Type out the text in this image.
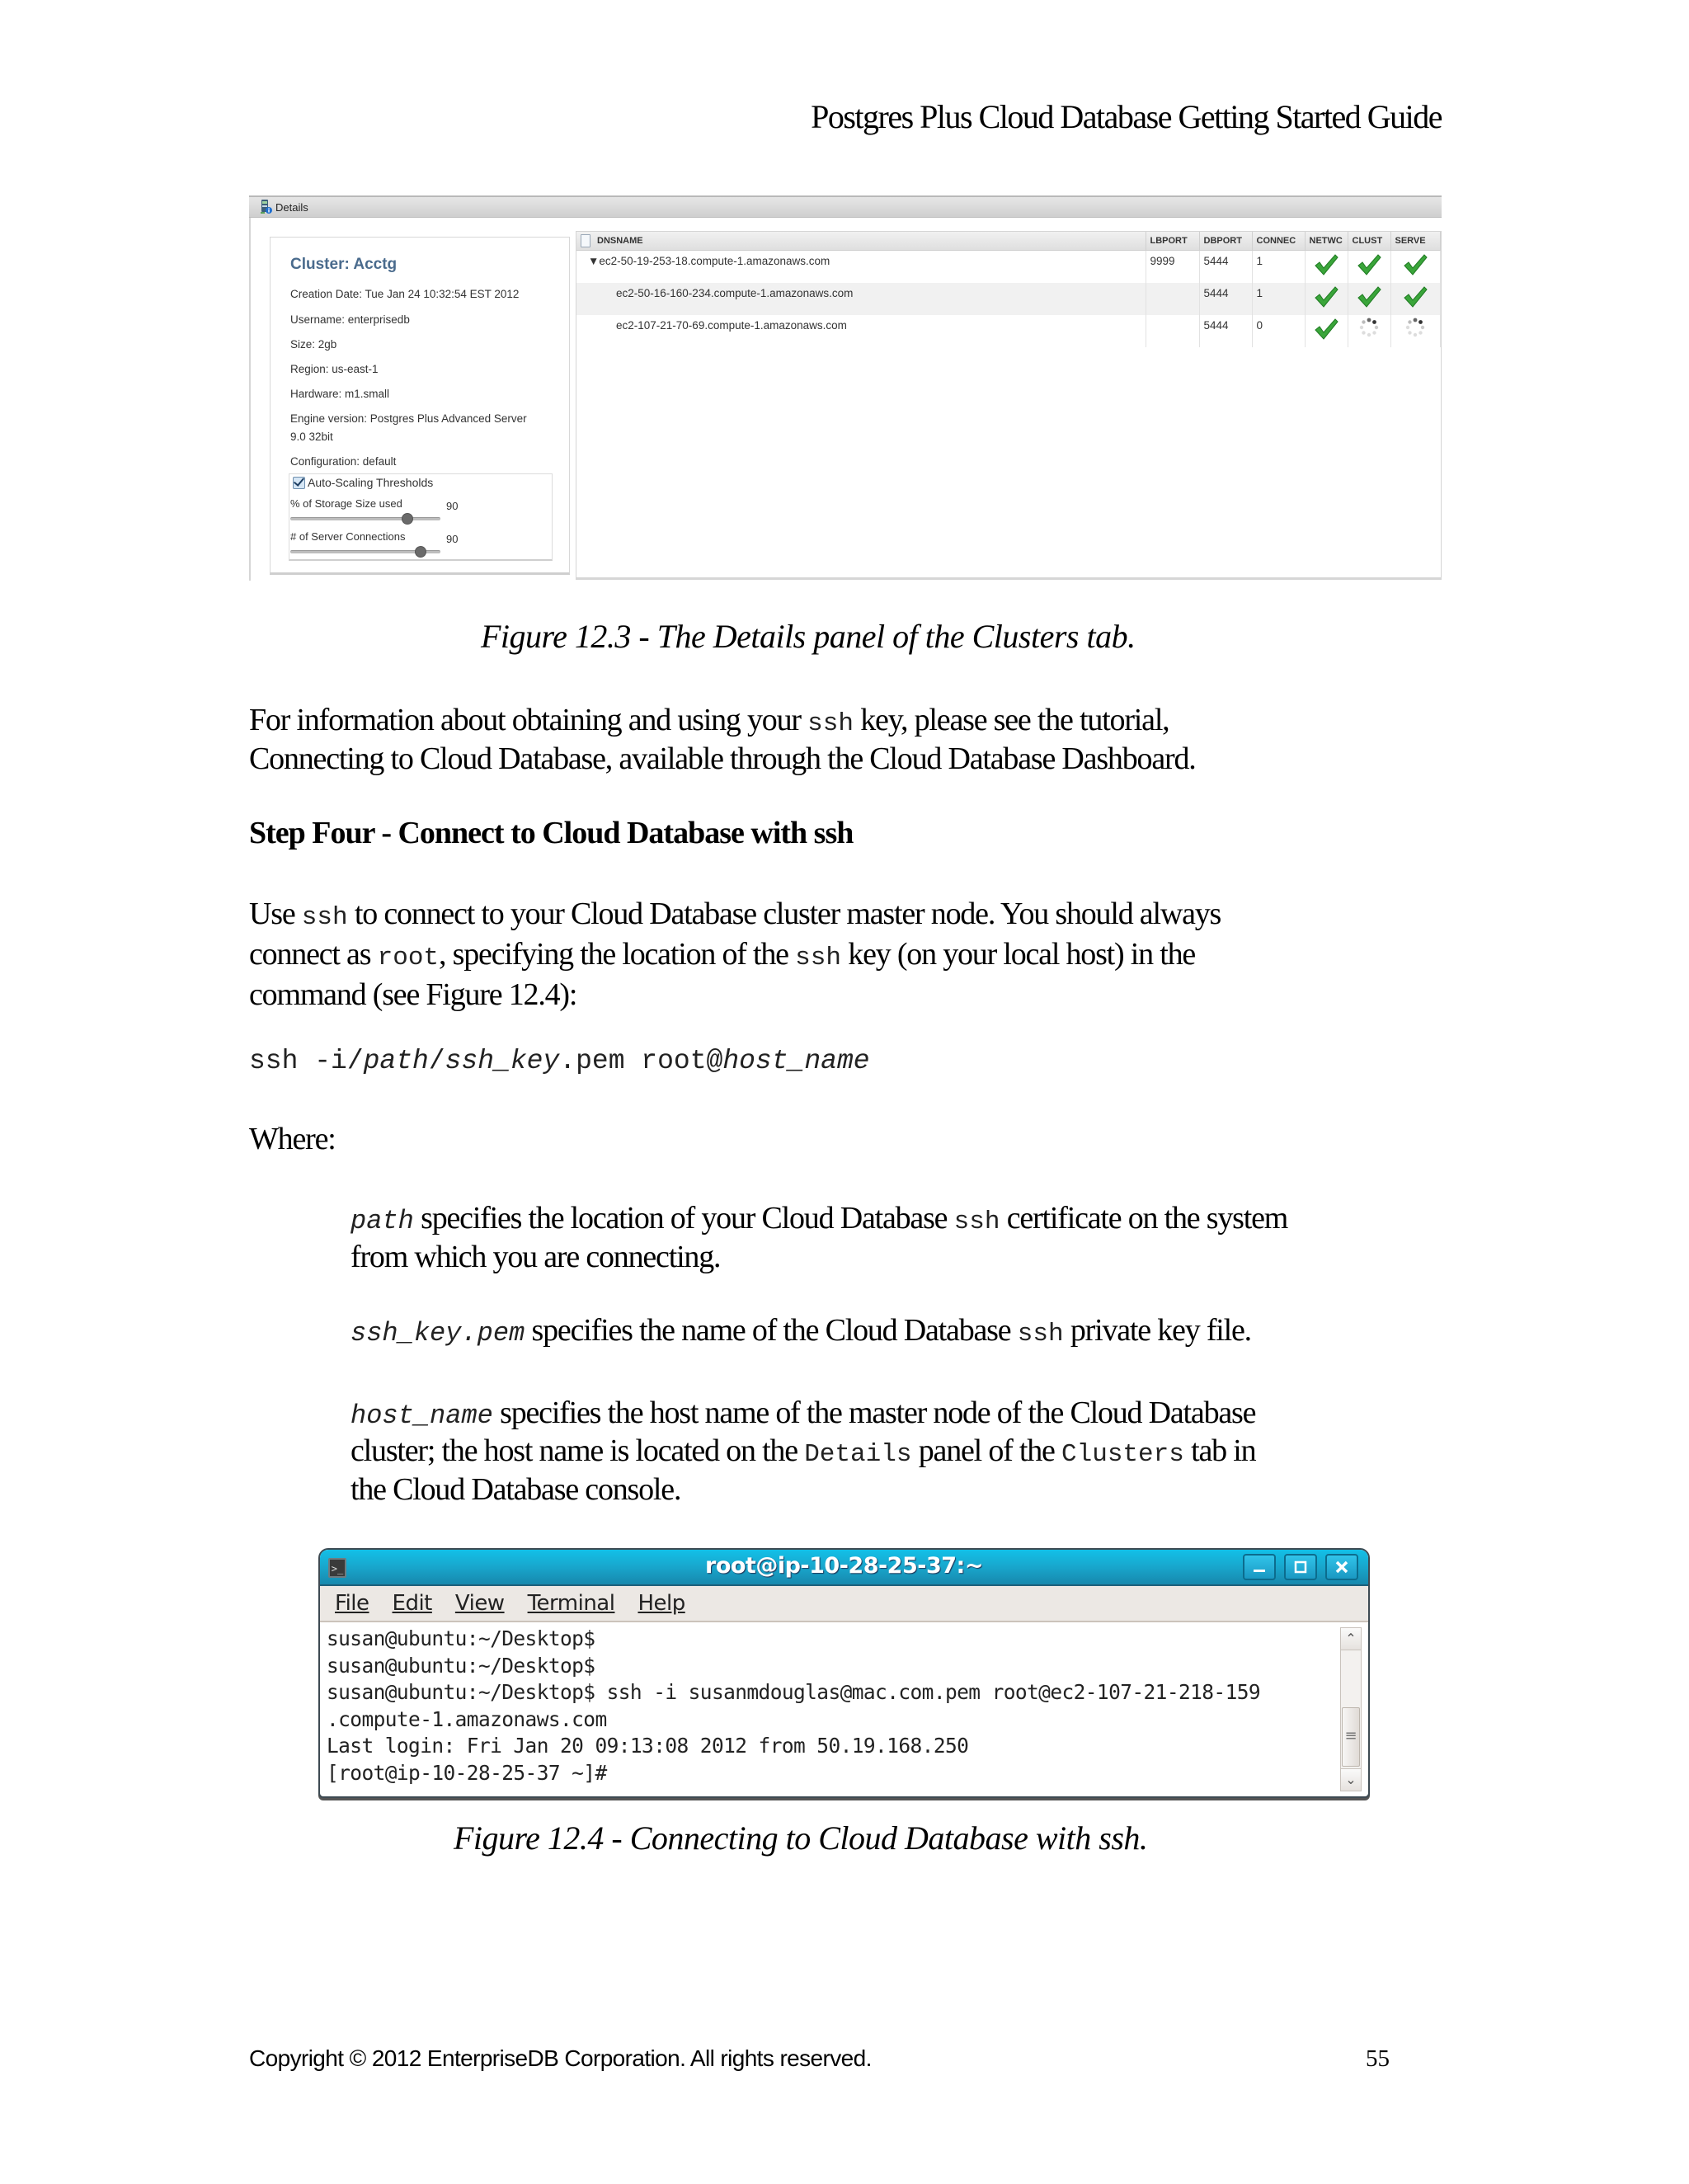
Postgres Plus Cloud Database Getting Started Guide
Details
Cluster: Acctg
Creation Date: Tue Jan 24 10:32:54 EST 2012
Username: enterprisedb
Size: 2gb
Region: us-east-1
Hardware: m1.small
Engine version: Postgres Plus Advanced Server
9.0 32bit
Configuration: default
Auto-Scaling Thresholds
% of Storage Size used	90
# of Server Connections	90
DNSNAME	LBPORT	DBPORT	CONNEC	NETWC	CLUST	SERVE
▼ec2-50-19-253-18.compute-1.amazonaws.com	9999	5444	1			
ec2-50-16-160-234.compute-1.amazonaws.com		5444	1			
ec2-107-21-70-69.compute-1.amazonaws.com		5444	0			
Figure 12.3 - The Details panel of the Clusters tab.
For information about obtaining and using your ssh key, please see the tutorial,
Connecting to Cloud Database, available through the Cloud Database Dashboard.
Step Four - Connect to Cloud Database with ssh
Use ssh to connect to your Cloud Database cluster master node. You should always
connect as root, specifying the location of the ssh key (on your local host) in the
command (see Figure 12.4):
ssh -i/path/ssh_key.pem root@host_name
Where:
path specifies the location of your Cloud Database ssh certificate on the system
from which you are connecting.
ssh_key.pem specifies the name of the Cloud Database ssh private key file.
host_name specifies the host name of the master node of the Cloud Database
cluster; the host name is located on the Details panel of the Clusters tab in
the Cloud Database console.
>_	root@ip-10-28-25-37:~
File Edit View Terminal Help
susan@ubuntu:~/Desktop$
susan@ubuntu:~/Desktop$
susan@ubuntu:~/Desktop$ ssh -i susanmdouglas@mac.com.pem root@ec2-107-21-218-159
.compute-1.amazonaws.com
Last login: Fri Jan 20 09:13:08 2012 from 50.19.168.250
[root@ip-10-28-25-37 ~]#
⌃
≡
⌄
Figure 12.4 - Connecting to Cloud Database with ssh.
Copyright © 2012 EnterpriseDB Corporation. All rights reserved.	55
